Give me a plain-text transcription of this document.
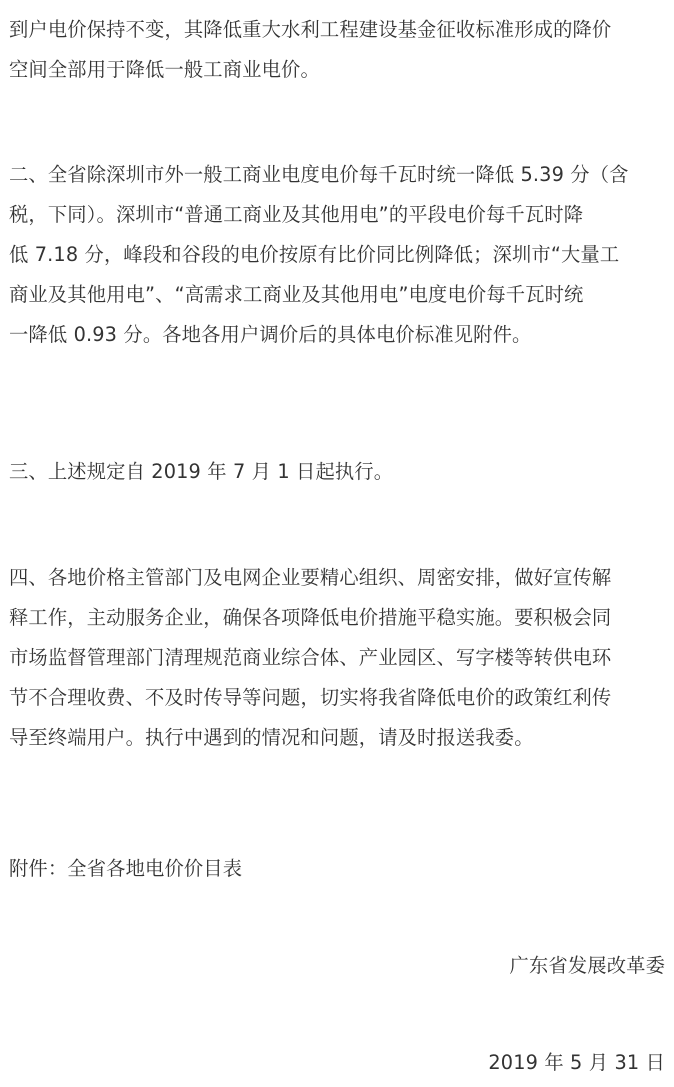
到户电价保持不变，其降低重大水利工程建设基金征收标准形成的降价
空间全部用于降低一般工商业电价。
二、全省除深圳市外一般工商业电度电价每千瓦时统一降低 5.39 分（含
税，下同）。深圳市“普通工商业及其他用电”的平段电价每千瓦时降
低 7.18 分，峰段和谷段的电价按原有比价同比例降低；深圳市“大量工
商业及其他用电”、“高需求工商业及其他用电”电度电价每千瓦时统
一降低 0.93 分。各地各用户调价后的具体电价标准见附件。
三、上述规定自 2019 年 7 月 1 日起执行。
四、各地价格主管部门及电网企业要精心组织、周密安排，做好宣传解
释工作，主动服务企业，确保各项降低电价措施平稳实施。要积极会同
市场监督管理部门清理规范商业综合体、产业园区、写字楼等转供电环
节不合理收费、不及时传导等问题，切实将我省降低电价的政策红利传
导至终端用户。执行中遇到的情况和问题，请及时报送我委。
附件：全省各地电价价目表
广东省发展改革委
2019 年 5 月 31 日
